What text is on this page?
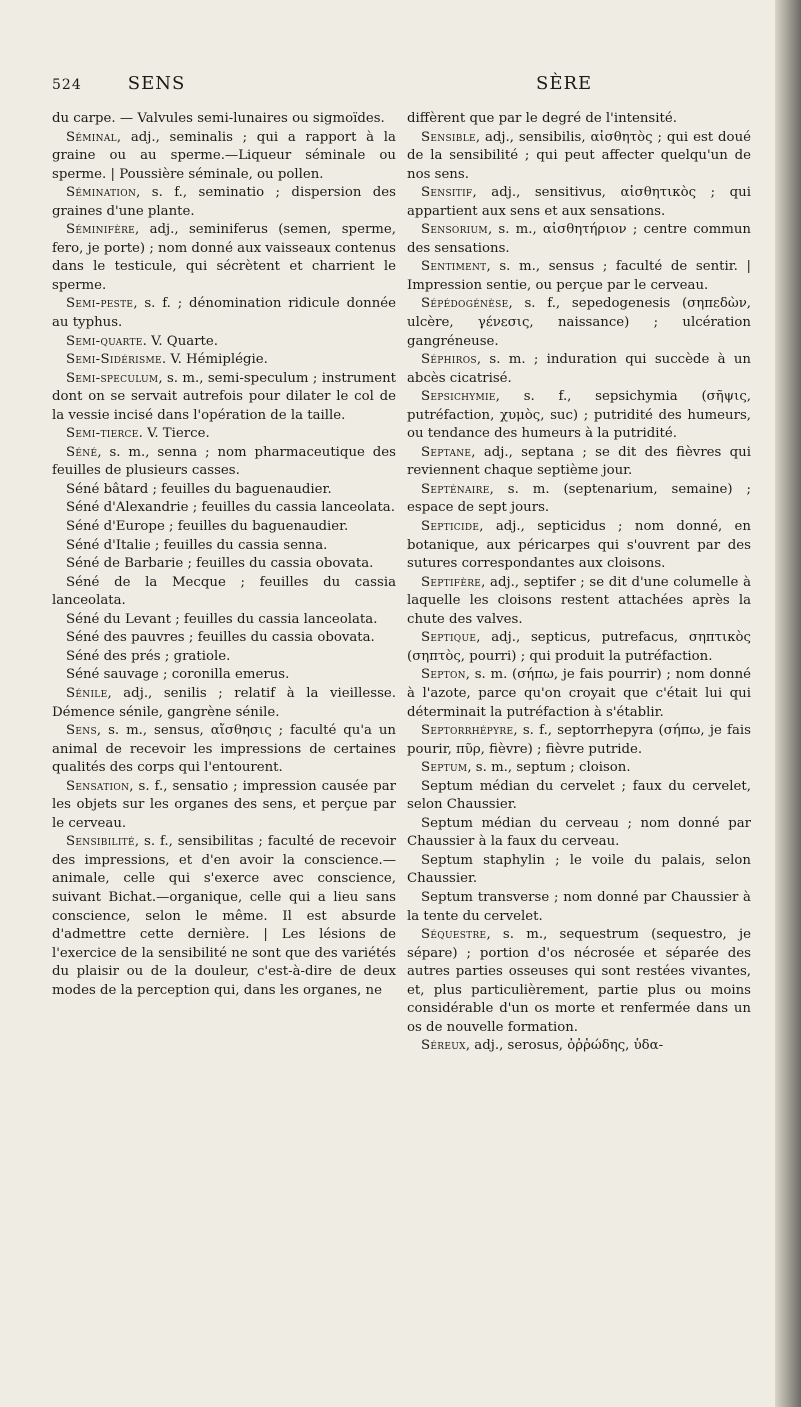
524	SENS	SÈRE

du carpe. — Valvules semi-lunaires ou sigmoïdes.

Séminal, adj., seminalis ; qui a rapport à la graine ou au sperme.—Liqueur séminale ou sperme. | Poussière séminale, ou pollen.

Sémination, s. f., seminatio ; dispersion des graines d'une plante.

Séminifère, adj., seminiferus (semen, sperme, fero, je porte) ; nom donné aux vaisseaux contenus dans le testicule, qui sécrètent et charrient le sperme.

Semi-peste, s. f. ; dénomination ridicule donnée au typhus.

Semi-quarte. V. Quarte.

Semi-Sidérisme. V. Hémiplégie.

Semi-speculum, s. m., semi-speculum ; instrument dont on se servait autrefois pour dilater le col de la vessie incisé dans l'opération de la taille.

Semi-tierce. V. Tierce.

Séné, s. m., senna ; nom pharmaceutique des feuilles de plusieurs casses.

Séné bâtard ; feuilles du baguenaudier.

Séné d'Alexandrie ; feuilles du cassia lanceolata.

Séné d'Europe ; feuilles du baguenaudier.

Séné d'Italie ; feuilles du cassia senna.

Séné de Barbarie ; feuilles du cassia obovata.

Séné de la Mecque ; feuilles du cassia lanceolata.

Séné du Levant ; feuilles du cassia lanceolata.

Séné des pauvres ; feuilles du cassia obovata.

Séné des prés ; gratiole.

Séné sauvage ; coronilla emerus.

Sénile, adj., senilis ; relatif à la vieillesse. Démence sénile, gangrène sénile.

Sens, s. m., sensus, αἴσθησις ; faculté qu'a un animal de recevoir les impressions de certaines qualités des corps qui l'entourent.

Sensation, s. f., sensatio ; impression causée par les objets sur les organes des sens, et perçue par le cerveau.

Sensibilité, s. f., sensibilitas ; faculté de recevoir des impressions, et d'en avoir la conscience.—animale, celle qui s'exerce avec conscience, suivant Bichat.—organique, celle qui a lieu sans conscience, selon le même. Il est absurde d'admettre cette dernière. | Les lésions de l'exercice de la sensibilité ne sont que des variétés du plaisir ou de la douleur, c'est-à-dire de deux modes de la perception qui, dans les organes, ne

diffèrent que par le degré de l'intensité.

Sensible, adj., sensibilis, αἰσθητὸς ; qui est doué de la sensibilité ; qui peut affecter quelqu'un de nos sens.

Sensitif, adj., sensitivus, αἰσθητικὸς ; qui appartient aux sens et aux sensations.

Sensorium, s. m., αἰσθητήριον ; centre commun des sensations.

Sentiment, s. m., sensus ; faculté de sentir. | Impression sentie, ou perçue par le cerveau.

Sépédogénèse, s. f., sepedogenesis (σηπεδὼν, ulcère, γένεσις, naissance) ; ulcération gangréneuse.

Séphiros, s. m. ; induration qui succède à un abcès cicatrisé.

Sepsichymie, s. f., sepsichymia (σῆψις, putréfaction, χυμὸς, suc) ; putridité des humeurs, ou tendance des humeurs à la putridité.

Septane, adj., septana ; se dit des fièvres qui reviennent chaque septième jour.

Septénaire, s. m. (septenarium, semaine) ; espace de sept jours.

Septicide, adj., septicidus ; nom donné, en botanique, aux péricarpes qui s'ouvrent par des sutures correspondantes aux cloisons.

Septifère, adj., septifer ; se dit d'une columelle à laquelle les cloisons restent attachées après la chute des valves.

Septique, adj., septicus, putrefacus, σηπτικὸς (σηπτὸς, pourri) ; qui produit la putréfaction.

Septon, s. m. (σήπω, je fais pourrir) ; nom donné à l'azote, parce qu'on croyait que c'était lui qui déterminait la putréfaction à s'établir.

Septorrhépyre, s. f., septorrhepyra (σήπω, je fais pourir, πῦρ, fièvre) ; fièvre putride.

Septum, s. m., septum ; cloison.

Septum médian du cervelet ; faux du cervelet, selon Chaussier.

Septum médian du cerveau ; nom donné par Chaussier à la faux du cerveau.

Septum staphylin ; le voile du palais, selon Chaussier.

Septum transverse ; nom donné par Chaussier à la tente du cervelet.

Séquestre, s. m., sequestrum (sequestro, je sépare) ; portion d'os nécrosée et séparée des autres parties osseuses qui sont restées vivantes, et, plus particulièrement, partie plus ou moins considérable d'un os morte et renfermée dans un os de nouvelle formation.

Séreux, adj., serosus, ὀῤῥώδης, ὑδα-
